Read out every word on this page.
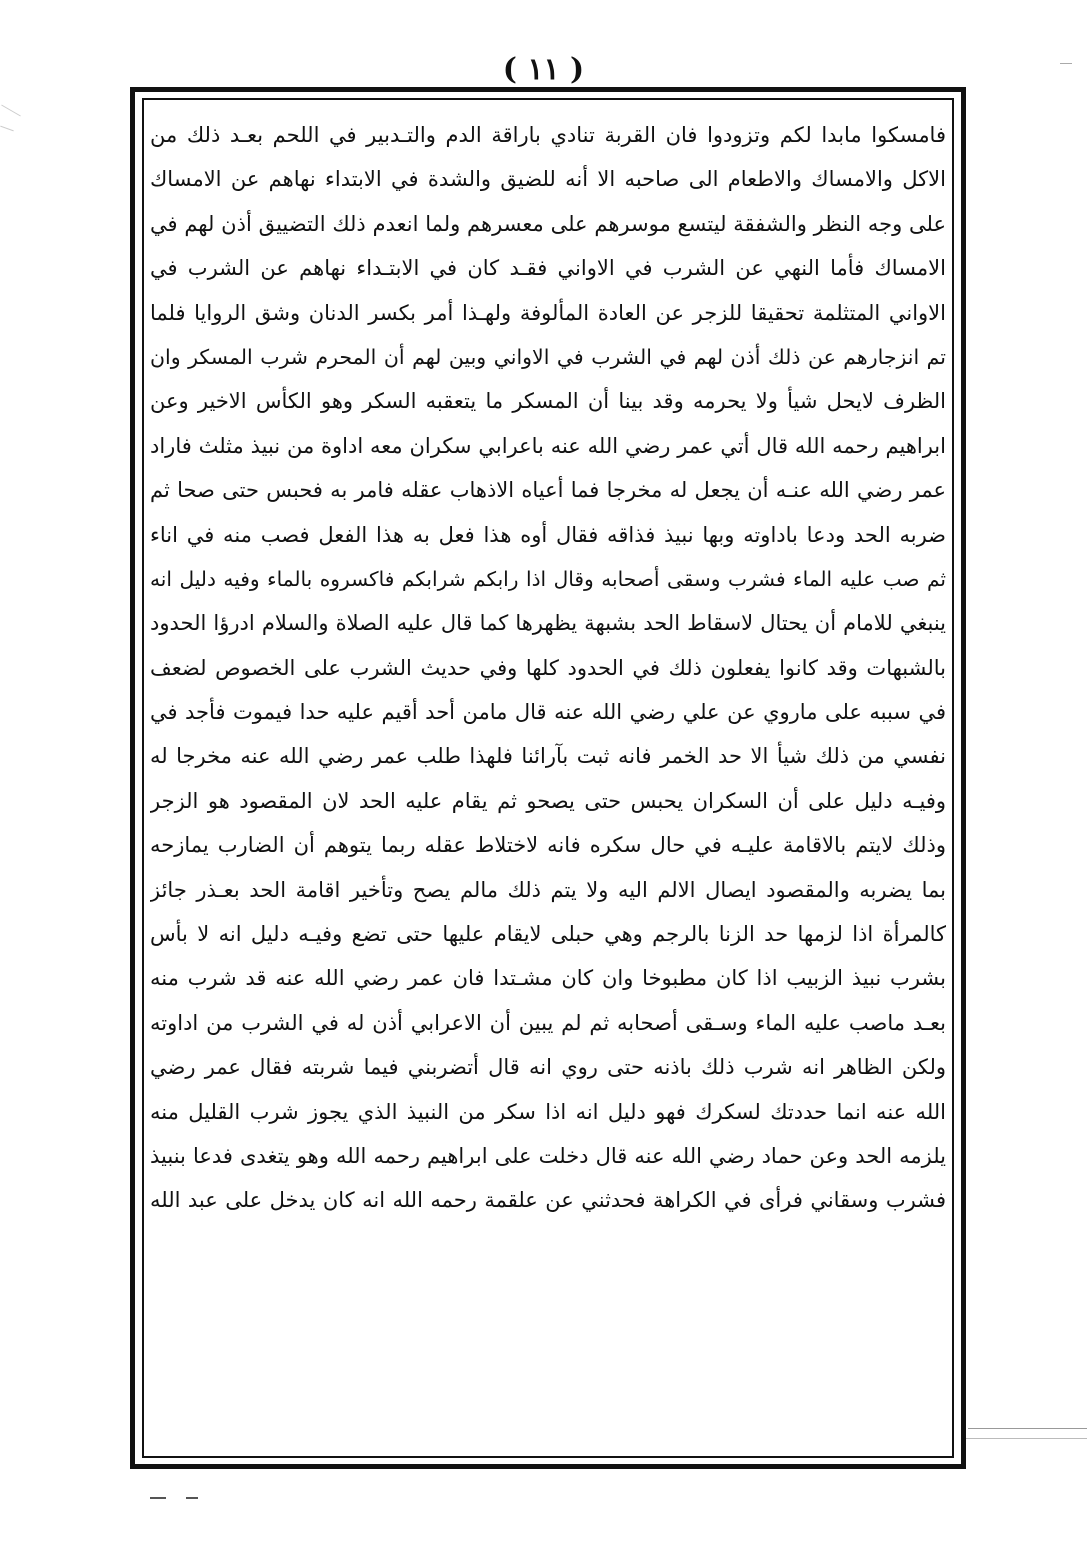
( ١١ )
فامسكوا مابدا لكم وتزودوا فان القربة تنادي باراقة الدم والتـدبير في اللحم بعـد ذلك من
الاكل والامساك والاطعام الى صاحبه الا أنه للضيق والشدة في الابتداء نهاهم عن الامساك
على وجه النظر والشفقة ليتسع موسرهم على معسرهم ولما انعدم ذلك التضييق أذن لهم في
الامساك فأما النهي عن الشرب في الاواني فقـد كان في الابتـداء نهاهم عن الشرب في
الاواني المتثلمة تحقيقا للزجر عن العادة المألوفة ولهـذا أمر بكسر الدنان وشق الروايا فلما
تم انزجارهم عن ذلك أذن لهم في الشرب في الاواني وبين لهم أن المحرم شرب المسكر وان
الظرف لايحل شيأ ولا يحرمه وقد بينا أن المسكر ما يتعقبه السكر وهو الكأس الاخير وعن
ابراهيم رحمه الله قال أتي عمر رضي الله عنه باعرابي سكران معه اداوة من نبيذ مثلث فاراد
عمر رضي الله عنـه أن يجعل له مخرجا فما أعياه الاذهاب عقله فامر به فحبس حتى صحا ثم
ضربه الحد ودعا باداوته وبها نبيذ فذاقه فقال أوه هذا فعل به هذا الفعل فصب منه في اناء
ثم صب عليه الماء فشرب وسقى أصحابه وقال اذا رابكم شرابكم فاكسروه بالماء وفيه دليل انه
ينبغي للامام أن يحتال لاسقاط الحد بشبهة يظهرها كما قال عليه الصلاة والسلام ادرؤا الحدود
بالشبهات وقد كانوا يفعلون ذلك في الحدود كلها وفي حديث الشرب على الخصوص لضعف
في سببه على ماروي عن علي رضي الله عنه قال مامن أحد أقيم عليه حدا فيموت فأجد في
نفسي من ذلك شيأ الا حد الخمر فانه ثبت بآرائنا فلهذا طلب عمر رضي الله عنه مخرجا له
وفيـه دليل على أن السكران يحبس حتى يصحو ثم يقام عليه الحد لان المقصود هو الزجر
وذلك لايتم بالاقامة عليـه في حال سكره فانه لاختلاط عقله ربما يتوهم أن الضارب يمازحه
بما يضربه والمقصود ايصال الالم اليه ولا يتم ذلك مالم يصح وتأخير اقامة الحد بعـذر جائز
كالمرأة اذا لزمها حد الزنا بالرجم وهي حبلى لايقام عليها حتى تضع وفيـه دليل انه لا بأس
بشرب نبيذ الزبيب اذا كان مطبوخا وان كان مشـتدا فان عمر رضي الله عنه قد شرب منه
بعـد ماصب عليه الماء وسـقى أصحابه ثم لم يبين أن الاعرابي أذن له في الشرب من اداوته
ولكن الظاهر انه شرب ذلك باذنه حتى روي انه قال أتضربني فيما شربته فقال عمر رضي
الله عنه انما حددتك لسكرك فهو دليل انه اذا سكر من النبيذ الذي يجوز شرب القليل منه
يلزمه الحد وعن حماد رضي الله عنه قال دخلت على ابراهيم رحمه الله وهو يتغدى فدعا بنبيذ
فشرب وسقاني فرأى في الكراهة فحدثني عن علقمة رحمه الله انه كان يدخل على عبد الله
